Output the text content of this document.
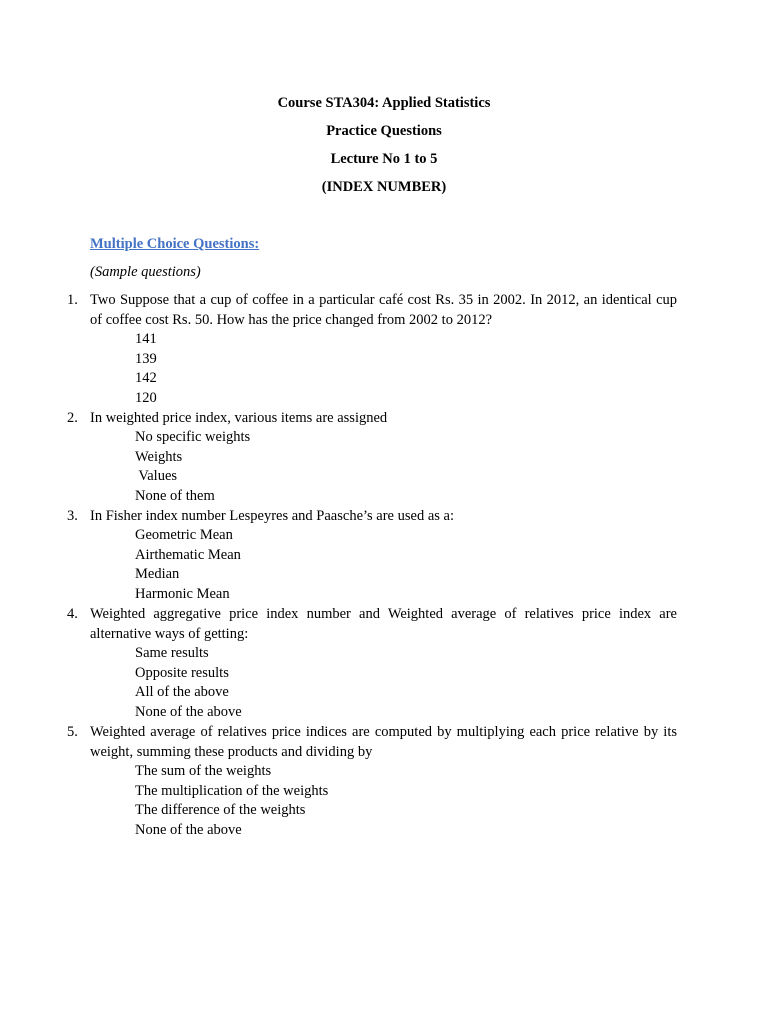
Course STA304: Applied Statistics
Practice Questions
Lecture No 1 to 5
(INDEX NUMBER)
Multiple Choice Questions:
(Sample questions)
1. Two Suppose that a cup of coffee in a particular café cost Rs. 35 in 2002. In 2012, an identical cup of coffee cost Rs. 50. How has the price changed from 2002 to 2012?
141
139
142
120
2. In weighted price index, various items are assigned
No specific weights
Weights
Values
None of them
3. In Fisher index number Lespeyres and Paasche’s are used as a:
Geometric Mean
Airthematic Mean
Median
Harmonic Mean
4. Weighted aggregative price index number and Weighted average of relatives price index are alternative ways of getting:
Same results
Opposite results
All of the above
None of the above
5. Weighted average of relatives price indices are computed by multiplying each price relative by its weight, summing these products and dividing by
The sum of the weights
The multiplication of the weights
The difference of the weights
None of the above
